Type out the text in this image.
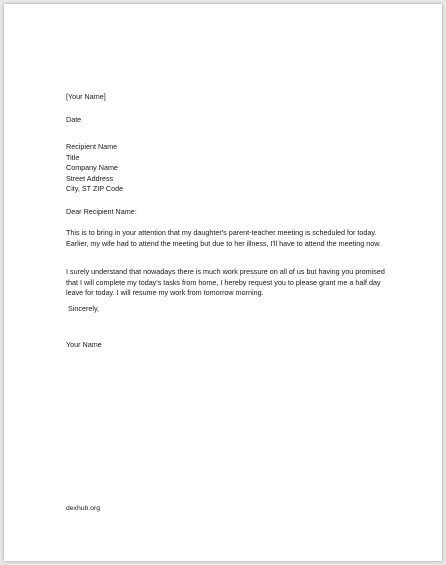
[Your Name]
Date
Recipient Name
Title
Company Name
Street Address
City, ST ZIP Code
Dear Recipient Name:
This is to bring in your attention that my daughter's parent-teacher meeting is scheduled for today. Earlier, my wife had to attend the meeting but due to her illness, I'll have to attend the meeting now.
I surely understand that nowadays there is much work pressure on all of us but having you promised that I will complete my today's tasks from home, I hereby request you to please grant me a half day leave for today. I will resume my work from tomorrow morning.
Sincerely,
Your Name
dexhub.org
